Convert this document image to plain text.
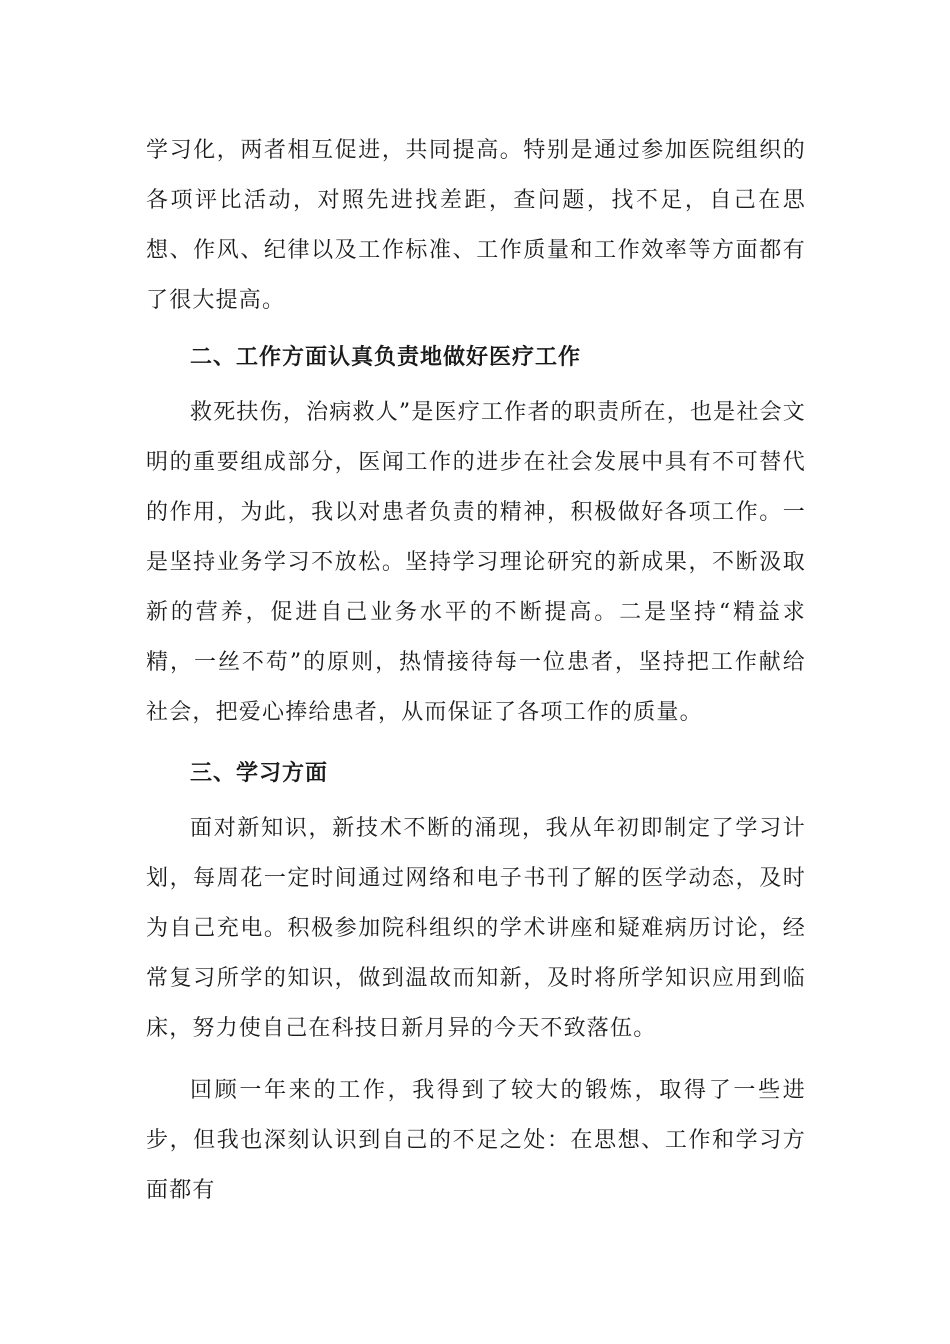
学习化，两者相互促进，共同提高。特别是通过参加医院组织的各项评比活动，对照先进找差距，查问题，找不足，自己在思想、作风、纪律以及工作标准、工作质量和工作效率等方面都有了很大提高。

二、工作方面认真负责地做好医疗工作

救死扶伤，治病救人”是医疗工作者的职责所在，也是社会文明的重要组成部分，医闻工作的进步在社会发展中具有不可替代的作用，为此，我以对患者负责的精神，积极做好各项工作。一是坚持业务学习不放松。坚持学习理论研究的新成果，不断汲取新的营养，促进自己业务水平的不断提高。二是坚持“精益求精，一丝不苟”的原则，热情接待每一位患者，坚持把工作献给社会，把爱心捧给患者，从而保证了各项工作的质量。

三、学习方面

面对新知识，新技术不断的涌现，我从年初即制定了学习计划，每周花一定时间通过网络和电子书刊了解的医学动态，及时为自己充电。积极参加院科组织的学术讲座和疑难病历讨论，经常复习所学的知识，做到温故而知新，及时将所学知识应用到临床，努力使自己在科技日新月异的今天不致落伍。

回顾一年来的工作，我得到了较大的锻炼，取得了一些进步，但我也深刻认识到自己的不足之处：在思想、工作和学习方面都有
